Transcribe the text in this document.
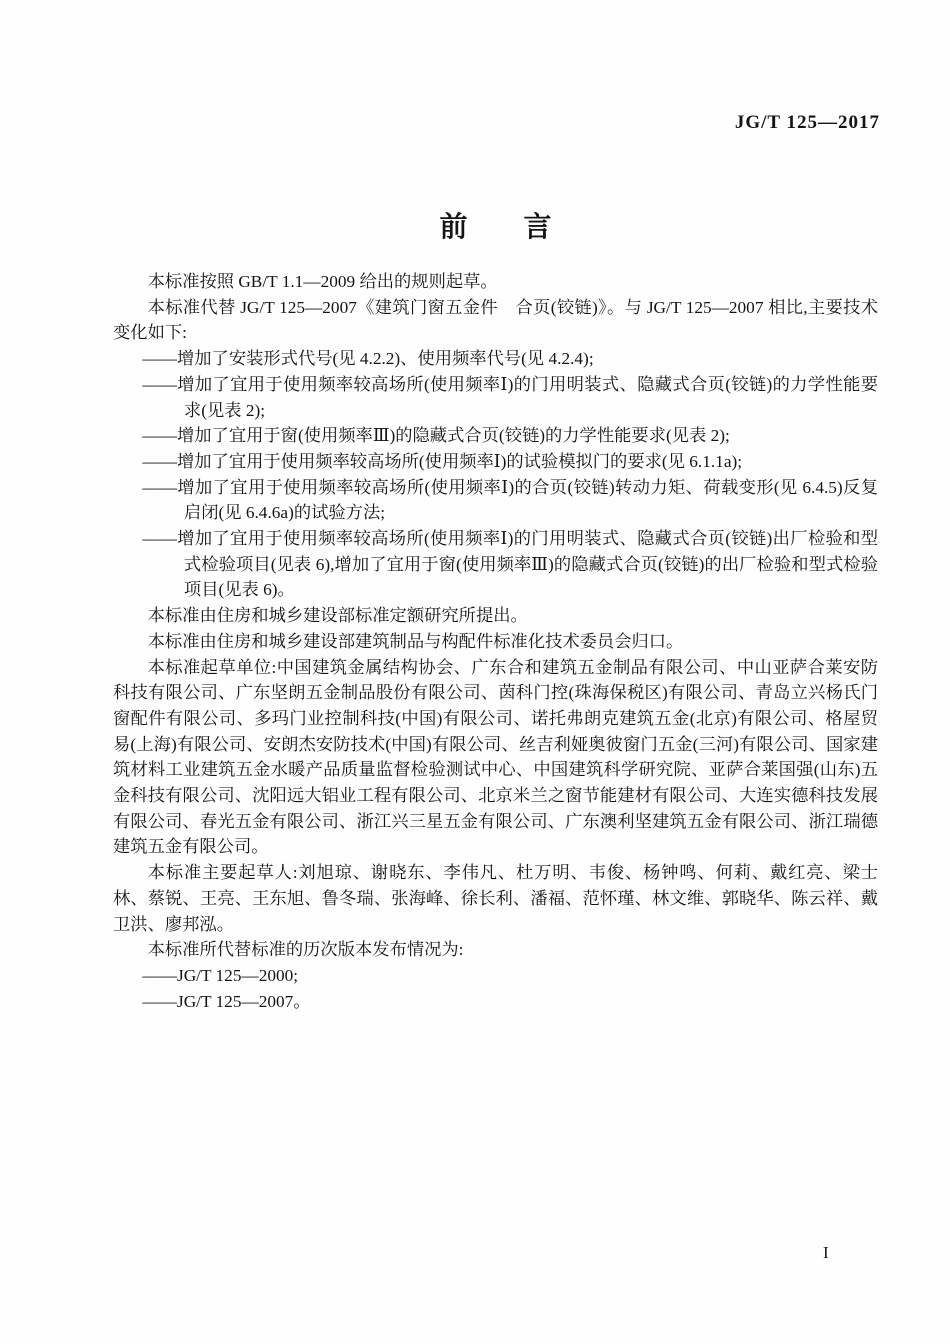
JG/T 125—2017
前　言

本标准按照 GB/T 1.1—2009 给出的规则起草。

本标准代替 JG/T 125—2007《建筑门窗五金件　合页(铰链)》。与 JG/T 125—2007 相比,主要技术变化如下:

——增加了安装形式代号(见 4.2.2)、使用频率代号(见 4.2.4);

——增加了宜用于使用频率较高场所(使用频率Ⅰ)的门用明装式、隐藏式合页(铰链)的力学性能要求(见表 2);

——增加了宜用于窗(使用频率Ⅲ)的隐藏式合页(铰链)的力学性能要求(见表 2);

——增加了宜用于使用频率较高场所(使用频率Ⅰ)的试验模拟门的要求(见 6.1.1a);

——增加了宜用于使用频率较高场所(使用频率Ⅰ)的合页(铰链)转动力矩、荷载变形(见 6.4.5)反复启闭(见 6.4.6a)的试验方法;

——增加了宜用于使用频率较高场所(使用频率Ⅰ)的门用明装式、隐藏式合页(铰链)出厂检验和型式检验项目(见表 6),增加了宜用于窗(使用频率Ⅲ)的隐藏式合页(铰链)的出厂检验和型式检验项目(见表 6)。

本标准由住房和城乡建设部标准定额研究所提出。

本标准由住房和城乡建设部建筑制品与构配件标准化技术委员会归口。

本标准起草单位:中国建筑金属结构协会、广东合和建筑五金制品有限公司、中山亚萨合莱安防科技有限公司、广东坚朗五金制品股份有限公司、茵科门控(珠海保税区)有限公司、青岛立兴杨氏门窗配件有限公司、多玛门业控制科技(中国)有限公司、诺托弗朗克建筑五金(北京)有限公司、格屋贸易(上海)有限公司、安朗杰安防技术(中国)有限公司、丝吉利娅奥彼窗门五金(三河)有限公司、国家建筑材料工业建筑五金水暖产品质量监督检验测试中心、中国建筑科学研究院、亚萨合莱国强(山东)五金科技有限公司、沈阳远大铝业工程有限公司、北京米兰之窗节能建材有限公司、大连实德科技发展有限公司、春光五金有限公司、浙江兴三星五金有限公司、广东澳利坚建筑五金有限公司、浙江瑞德建筑五金有限公司。

本标准主要起草人:刘旭琼、谢晓东、李伟凡、杜万明、韦俊、杨钟鸣、何莉、戴红亮、梁士林、蔡锐、王亮、王东旭、鲁冬瑞、张海峰、徐长利、潘福、范怀瑾、林文维、郭晓华、陈云祥、戴卫洪、廖邦泓。

本标准所代替标准的历次版本发布情况为:

——JG/T 125—2000;

——JG/T 125—2007。

I
